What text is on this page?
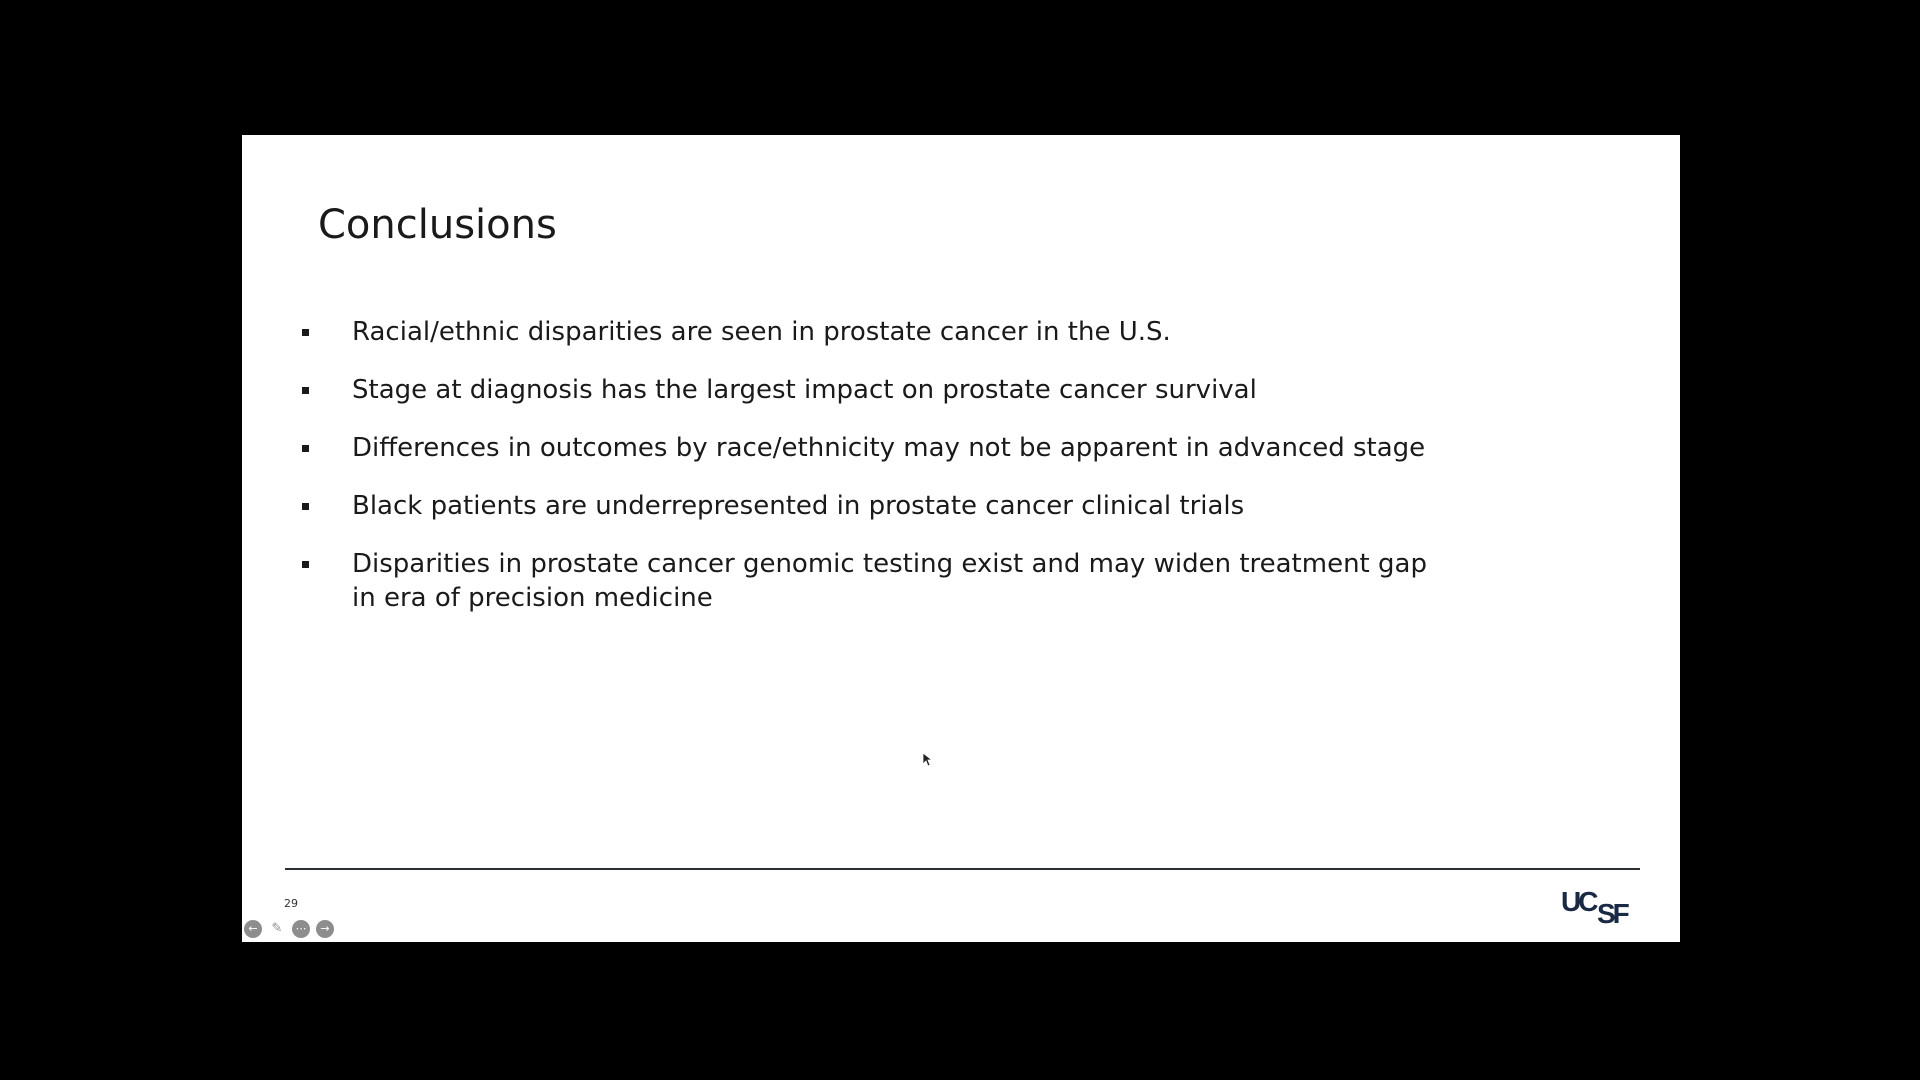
Conclusions
Racial/ethnic disparities are seen in prostate cancer in the U.S.
Stage at diagnosis has the largest impact on prostate cancer survival
Differences in outcomes by race/ethnicity may not be apparent in advanced stage
Black patients are underrepresented in prostate cancer clinical trials
Disparities in prostate cancer genomic testing exist and may widen treatment gap in era of precision medicine
29
←	✎	⋯	→
UC SF
